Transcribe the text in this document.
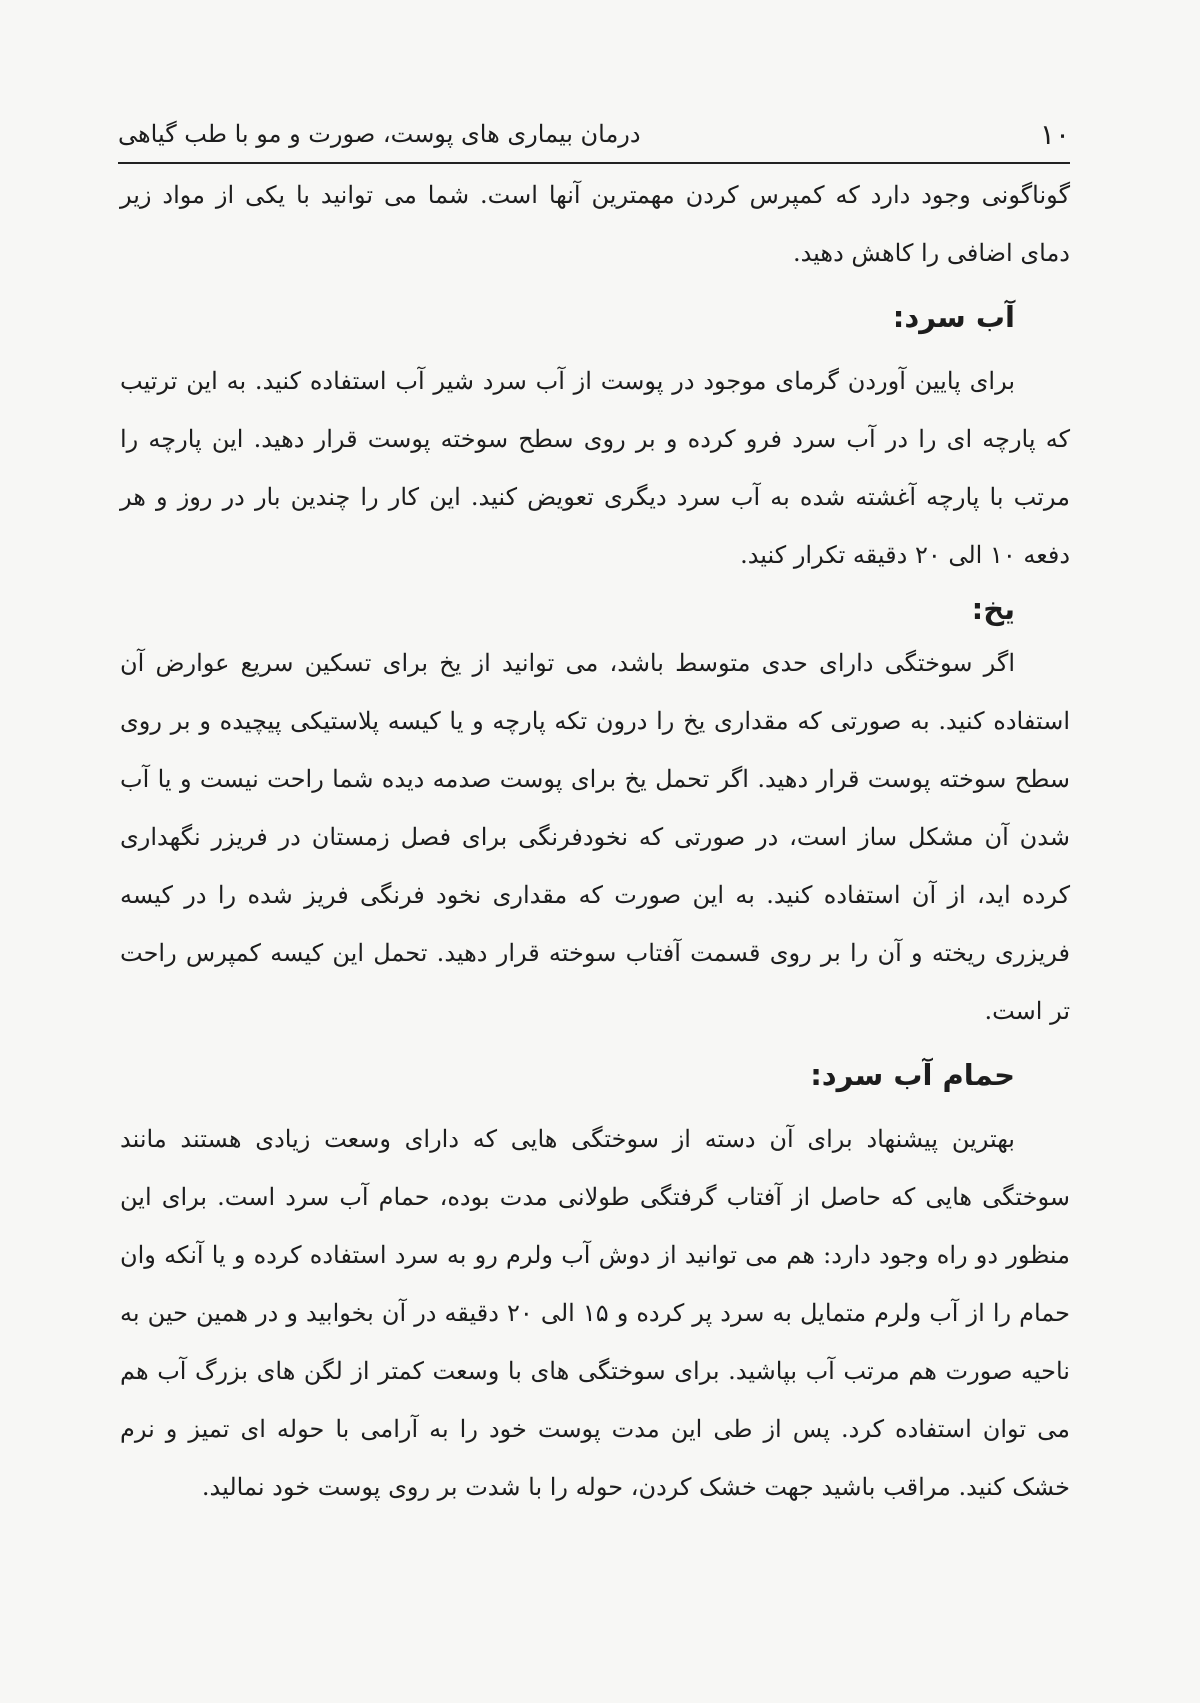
۱۰
درمان بیماری های پوست، صورت و مو با طب گیاهی

گوناگونی وجود دارد که کمپرس کردن مهمترین آنها است. شما می توانید با یکی از مواد زیر دمای اضافی را کاهش دهید.

آب سرد:

برای پایین آوردن گرمای موجود در پوست از آب سرد شیر آب استفاده کنید. به این ترتیب که پارچه ای را در آب سرد فرو کرده و بر روی سطح سوخته پوست قرار دهید. این پارچه را مرتب با پارچه آغشته شده به آب سرد دیگری تعویض کنید. این کار را چندین بار در روز و هر دفعه ۱۰ الی ۲۰ دقیقه تکرار کنید.

یخ:

اگر سوختگی دارای حدی متوسط باشد، می توانید از یخ برای تسکین سریع عوارض آن استفاده کنید. به صورتی که مقداری یخ را درون تکه پارچه و یا کیسه پلاستیکی پیچیده و بر روی سطح سوخته پوست قرار دهید. اگر تحمل یخ برای پوست صدمه دیده شما راحت نیست و یا آب شدن آن مشکل ساز است، در صورتی که نخودفرنگی برای فصل زمستان در فریزر نگهداری کرده اید، از آن استفاده کنید. به این صورت که مقداری نخود فرنگی فریز شده را در کیسه فریزری ریخته و آن را بر روی قسمت آفتاب سوخته قرار دهید. تحمل این کیسه کمپرس راحت تر است.

حمام آب سرد:

بهترین پیشنهاد برای آن دسته از سوختگی هایی که دارای وسعت زیادی هستند مانند سوختگی هایی که حاصل از آفتاب گرفتگی طولانی مدت بوده، حمام آب سرد است. برای این منظور دو راه وجود دارد: هم می توانید از دوش آب ولرم رو به سرد استفاده کرده و یا آنکه وان حمام را از آب ولرم متمایل به سرد پر کرده و ۱۵ الی ۲۰ دقیقه در آن بخوابید و در همین حین به ناحیه صورت هم مرتب آب بپاشید. برای سوختگی های با وسعت کمتر از لگن های بزرگ آب هم می توان استفاده کرد. پس از طی این مدت پوست خود را به آرامی با حوله ای تمیز و نرم خشک کنید. مراقب باشید جهت خشک کردن، حوله را با شدت بر روی پوست خود نمالید.
